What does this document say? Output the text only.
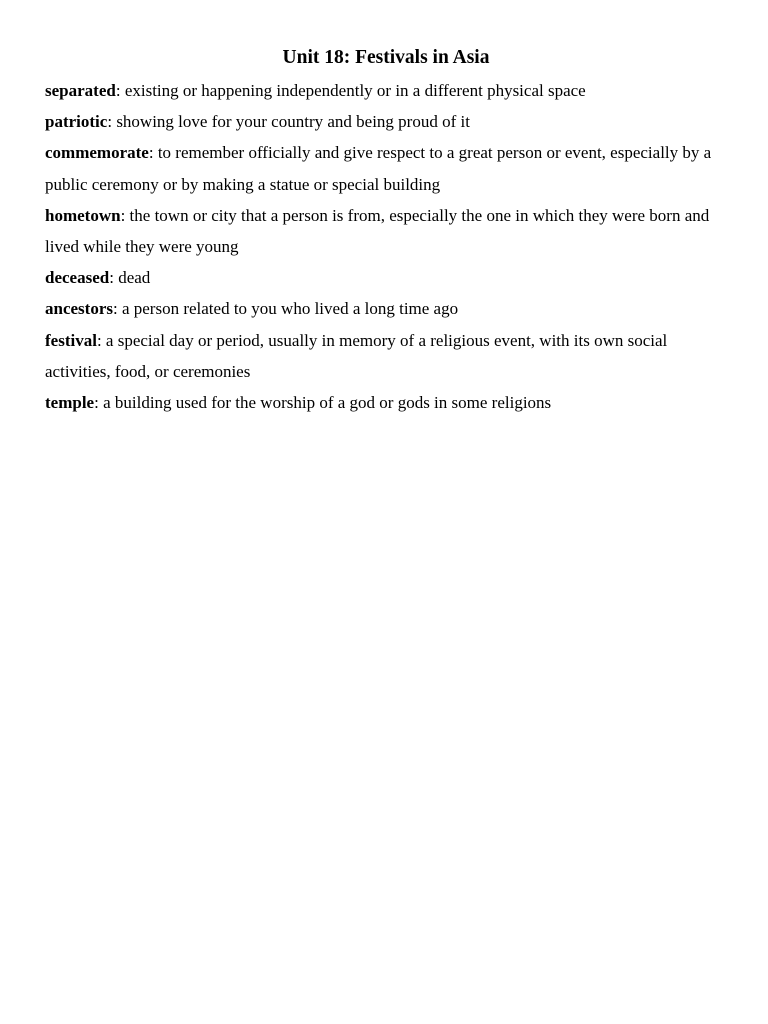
Unit 18: Festivals in Asia

separated: existing or happening independently or in a different physical space

patriotic: showing love for your country and being proud of it

commemorate: to remember officially and give respect to a great person or event, especially by a public ceremony or by making a statue or special building

hometown: the town or city that a person is from, especially the one in which they were born and lived while they were young

deceased: dead

ancestors: a person related to you who lived a long time ago

festival: a special day or period, usually in memory of a religious event, with its own social activities, food, or ceremonies

temple: a building used for the worship of a god or gods in some religions
